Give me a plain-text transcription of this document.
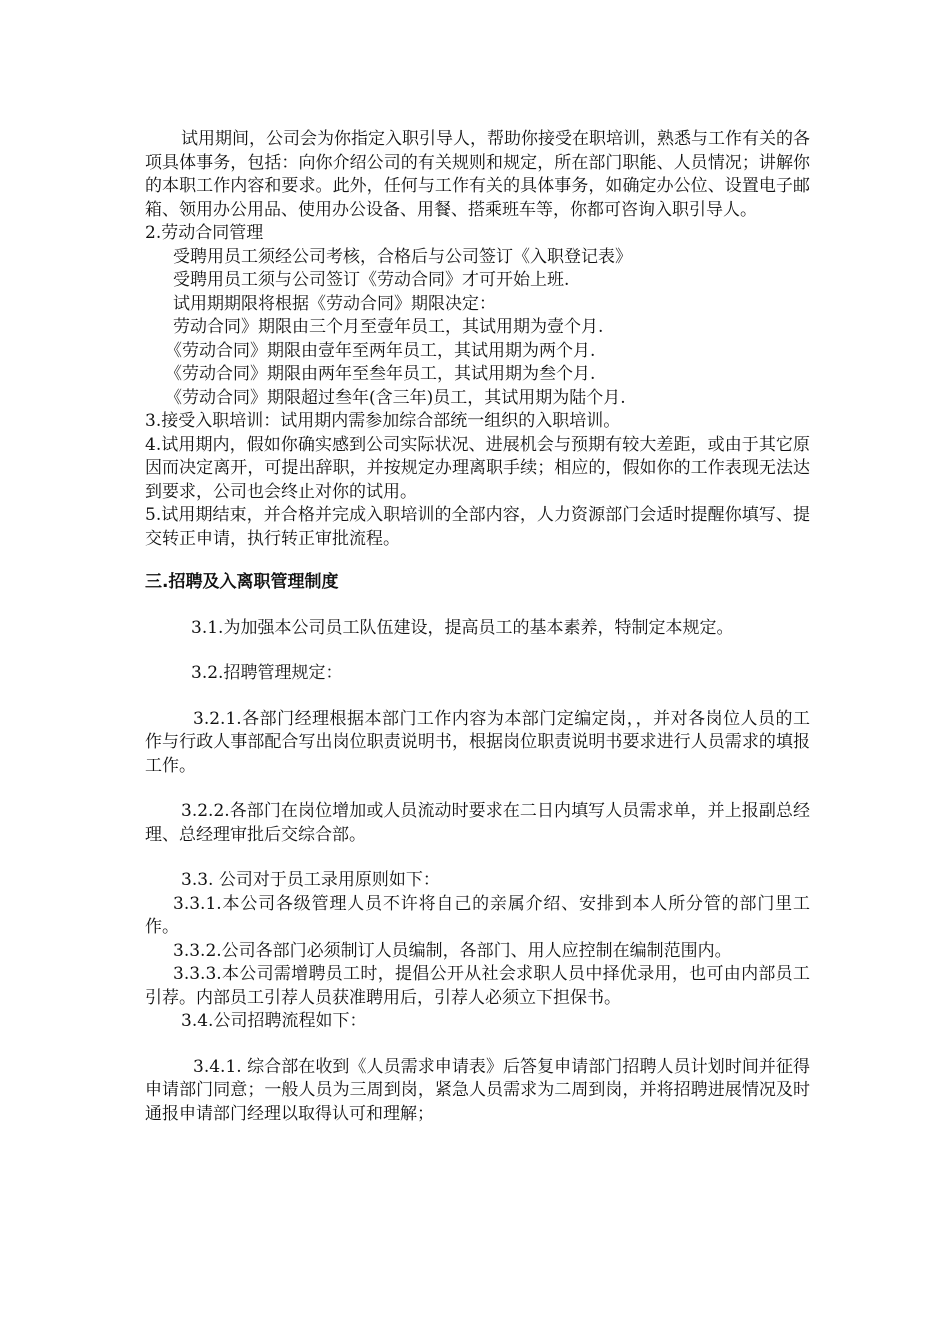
试用期间，公司会为你指定入职引导人，帮助你接受在职培训，熟悉与工作有关的各项具体事务，包括：向你介绍公司的有关规则和规定，所在部门职能、人员情况；讲解你的本职工作内容和要求。此外，任何与工作有关的具体事务，如确定办公位、设置电子邮箱、领用办公用品、使用办公设备、用餐、搭乘班车等，你都可咨询入职引导人。

2.劳动合同管理

受聘用员工须经公司考核，合格后与公司签订《入职登记表》

受聘用员工须与公司签订《劳动合同》才可开始上班.

试用期期限将根据《劳动合同》期限决定：

劳动合同》期限由三个月至壹年员工，其试用期为壹个月.

《劳动合同》期限由壹年至两年员工，其试用期为两个月.

《劳动合同》期限由两年至叁年员工，其试用期为叁个月.

《劳动合同》期限超过叁年(含三年)员工，其试用期为陆个月.

3.接受入职培训：试用期内需参加综合部统一组织的入职培训。

4.试用期内，假如你确实感到公司实际状况、进展机会与预期有较大差距，或由于其它原因而决定离开，可提出辞职，并按规定办理离职手续；相应的，假如你的工作表现无法达到要求，公司也会终止对你的试用。

5.试用期结束，并合格并完成入职培训的全部内容，人力资源部门会适时提醒你填写、提交转正申请，执行转正审批流程。

三.招聘及入离职管理制度

3.1.为加强本公司员工队伍建设，提高员工的基本素养，特制定本规定。

3.2.招聘管理规定：

3.2.1.各部门经理根据本部门工作内容为本部门定编定岗，，并对各岗位人员的工作与行政人事部配合写出岗位职责说明书，根据岗位职责说明书要求进行人员需求的填报工作。

3.2.2.各部门在岗位增加或人员流动时要求在二日内填写人员需求单，并上报副总经理、总经理审批后交综合部。

3.3. 公司对于员工录用原则如下：

3.3.1.本公司各级管理人员不许将自己的亲属介绍、安排到本人所分管的部门里工作。

3.3.2.公司各部门必须制订人员编制，各部门、用人应控制在编制范围内。

3.3.3.本公司需增聘员工时，提倡公开从社会求职人员中择优录用，也可由内部员工引荐。内部员工引荐人员获准聘用后，引荐人必须立下担保书。

3.4.公司招聘流程如下：

3.4.1. 综合部在收到《人员需求申请表》后答复申请部门招聘人员计划时间并征得申请部门同意；一般人员为三周到岗，紧急人员需求为二周到岗，并将招聘进展情况及时通报申请部门经理以取得认可和理解；
